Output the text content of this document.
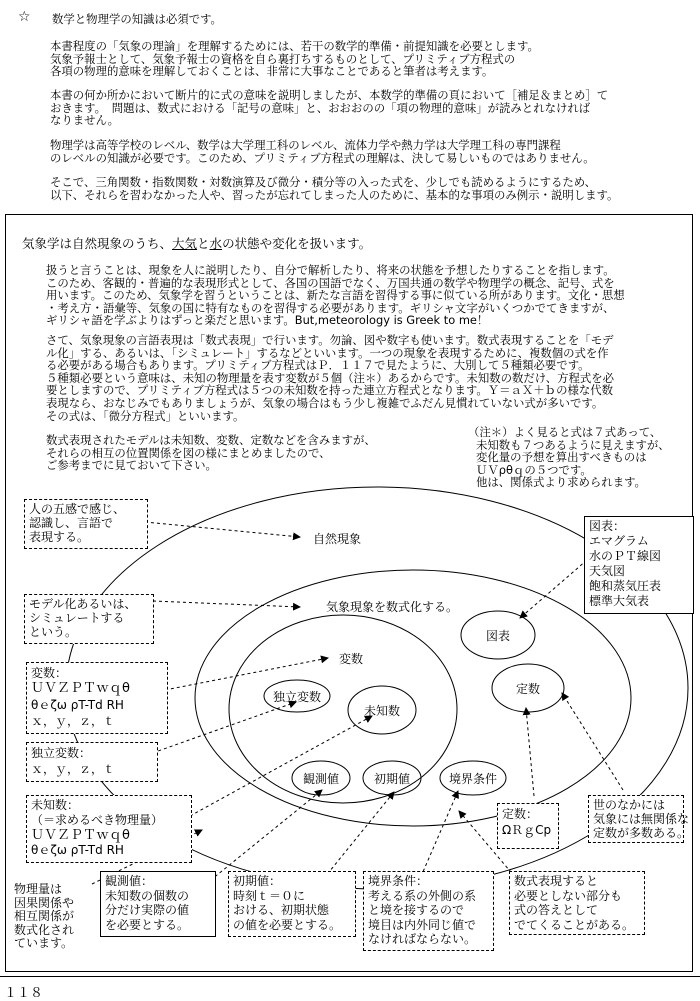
☆ 数学と物理学の知識は必須です。
本書程度の「気象の理論」を理解するためには、若干の数学的準備・前提知識を必要とします。
気象予報士として、気象予報士の資格を自ら裏打ちするものとして、プリミティブ方程式の
各項の物理的意味を理解しておくことは、非常に大事なことであると筆者は考えます。
本書の何か所かにおいて断片的に式の意味を説明しましたが、本数学的準備の頁において［補足＆まとめ］て
おきます。　問題は、数式における「記号の意味」と、おおおのの「項の物理的意味」が読みとれなければ
なりません。
物理学は高等学校のレベル、数学は大学理工科のレベル、流体力学や熱力学は大学理工科の専門課程
のレベルの知識が必要です。このため、プリミティブ方程式の理解は、決して易しいものではありません。
そこで、三角関数・指数関数・対数演算及び微分・積分等の入った式を、少しでも読めるようにするため、
以下、それらを習わなかった人や、習ったが忘れてしまった人のために、基本的な事項のみ例示・説明します。
気象学は自然現象のうち、大気と水の状態や変化を扱います。
扱うと言うことは、現象を人に説明したり、自分で解析したり、将来の状態を予想したりすることを指します。
このため、客観的・普遍的な表現形式として、各国の国語でなく、万国共通の数学や物理学の概念、記号、式を
用います。このため、気象学を習うということは、新たな言語を習得する事に似ている所があります。文化・思想
・考え方・語彙等、気象の国に特有なものを習得する必要があります。ギリシャ文字がいくつかでてきますが、
ギリシャ語を学ぶよりはずっと楽だと思います。But,meteorology is Greek to me！
さて、気象現象の言語表現は「数式表現」で行います。勿論、図や数字も使います。数式表現することを「モデ
ル化」する、あるいは、「シミュレート」するなどといいます。一つの現象を表現するために、複数個の式を作
る必要がある場合もあります。プリミティブ方程式はＰ．１１７で見たように、大別して５種類必要です。
５種類必要という意味は、未知の物理量を表す変数が５個（注＊）あるからです。未知数の数だけ、方程式を必
要としますので、プリミティブ方程式は５つの未知数を持った連立方程式となります。Ｙ＝ａＸ＋ｂの様な代数
表現なら、おなじみでもありましょうが、気象の場合はもう少し複雑でふだん見慣れていない式が多いです。
その式は、「微分方程式」といいます。
数式表現されたモデルは未知数、変数、定数などを含みますが、
それらの相互の位置関係を図の様にまとめましたので、
ご参考までに見ておいて下さい。
（注＊）よく見ると式は７式あって、
未知数も７つあるように見えますが、
変化量の予想を算出すべきものは
ＵＶρθｑの５つです。
他は、関係式より求められます。
自然現象
気象現象を数式化する。
変数
独立変数
未知数
観測値	初期値	境界条件
図表
定数
人の五感で感じ、
認識し、言語で
表現する。
モデル化あるいは、
シミュレートする
という。
変数：
ＵＶＺＰＴｗｑθ
θｅζω ρT-Td RH
ｘ，ｙ，ｚ，ｔ
独立変数：
ｘ，ｙ，ｚ，ｔ
未知数：
（＝求めるべき物理量）
ＵＶＺＰＴｗｑθ
θｅζω ρT-Td RH
図表：
エマグラム
水のＰＴ線図
天気図
飽和蒸気圧表
標準大気表
定数：
ΩＲｇCp
世のなかには
気象には無関係な
定数が多数ある。
物理量は
因果関係や
相互関係が
数式化され
ています。
観測値：
未知数の個数の
分だけ実際の値
を必要とする。
初期値：
時刻ｔ＝０に
おける、初期状態
の値を必要とする。
境界条件：
考える系の外側の系
と境を接するので
境目は内外同じ値で
なければならない。
数式表現すると
必要としない部分も
式の答えとして
でてくることがある。
１１８
